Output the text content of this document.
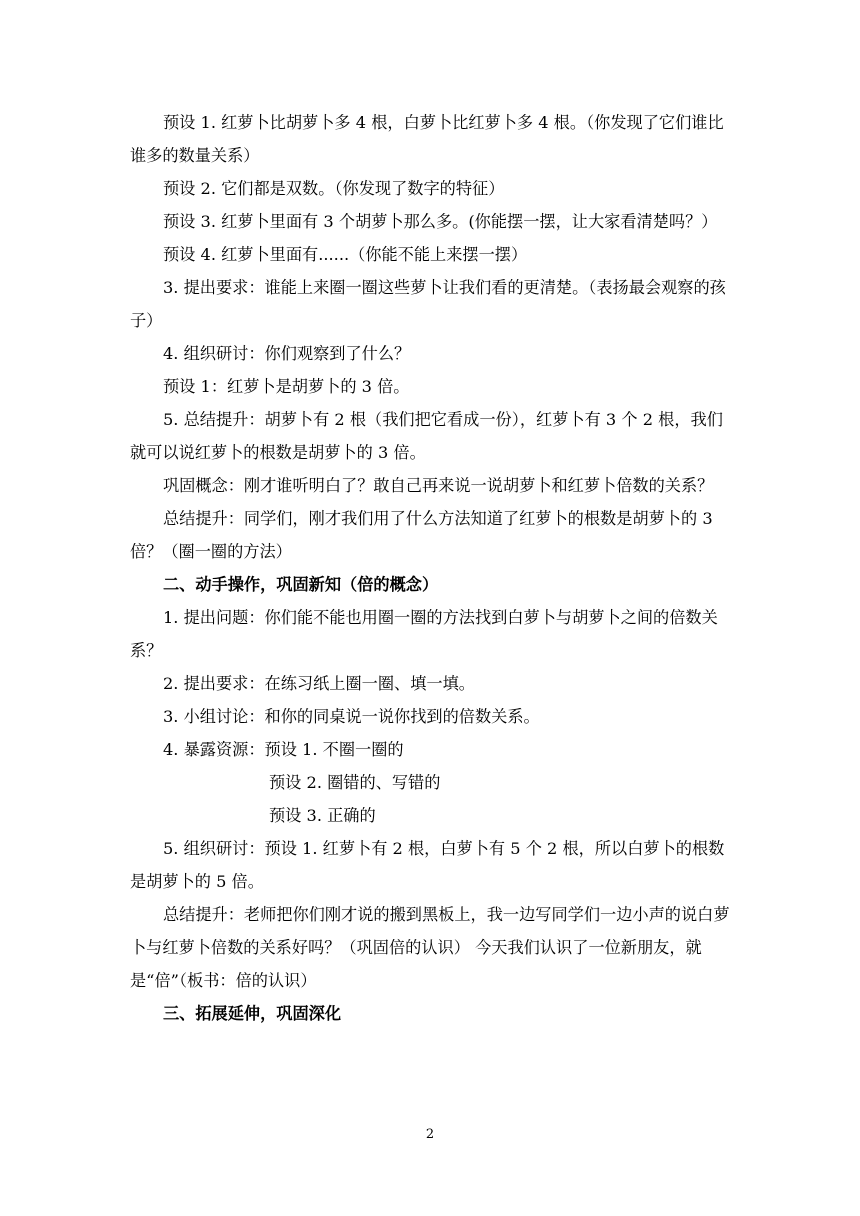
预设 1. 红萝卜比胡萝卜多 4 根，白萝卜比红萝卜多 4 根。（你发现了它们谁比谁多的数量关系）

预设 2. 它们都是双数。（你发现了数字的特征）

预设 3. 红萝卜里面有 3 个胡萝卜那么多。(你能摆一摆，让大家看清楚吗？）

预设 4. 红萝卜里面有......（你能不能上来摆一摆）

3. 提出要求：谁能上来圈一圈这些萝卜让我们看的更清楚。（表扬最会观察的孩子）

4. 组织研讨：你们观察到了什么？

预设 1：红萝卜是胡萝卜的 3 倍。

5. 总结提升：胡萝卜有 2 根（我们把它看成一份），红萝卜有 3 个 2 根，我们就可以说红萝卜的根数是胡萝卜的 3 倍。

巩固概念：刚才谁听明白了？敢自己再来说一说胡萝卜和红萝卜倍数的关系？

总结提升：同学们，刚才我们用了什么方法知道了红萝卜的根数是胡萝卜的 3 倍？（圈一圈的方法）

二、动手操作，巩固新知（倍的概念）

1. 提出问题：你们能不能也用圈一圈的方法找到白萝卜与胡萝卜之间的倍数关系？

2. 提出要求：在练习纸上圈一圈、填一填。

3. 小组讨论：和你的同桌说一说你找到的倍数关系。

4. 暴露资源：预设 1. 不圈一圈的

预设 2. 圈错的、写错的

预设 3. 正确的

5. 组织研讨：预设 1. 红萝卜有 2 根，白萝卜有 5 个 2 根，所以白萝卜的根数是胡萝卜的 5 倍。

总结提升：老师把你们刚才说的搬到黑板上，我一边写同学们一边小声的说白萝卜与红萝卜倍数的关系好吗？（巩固倍的认识） 今天我们认识了一位新朋友，就是“倍”（板书：倍的认识）

三、拓展延伸，巩固深化

2
